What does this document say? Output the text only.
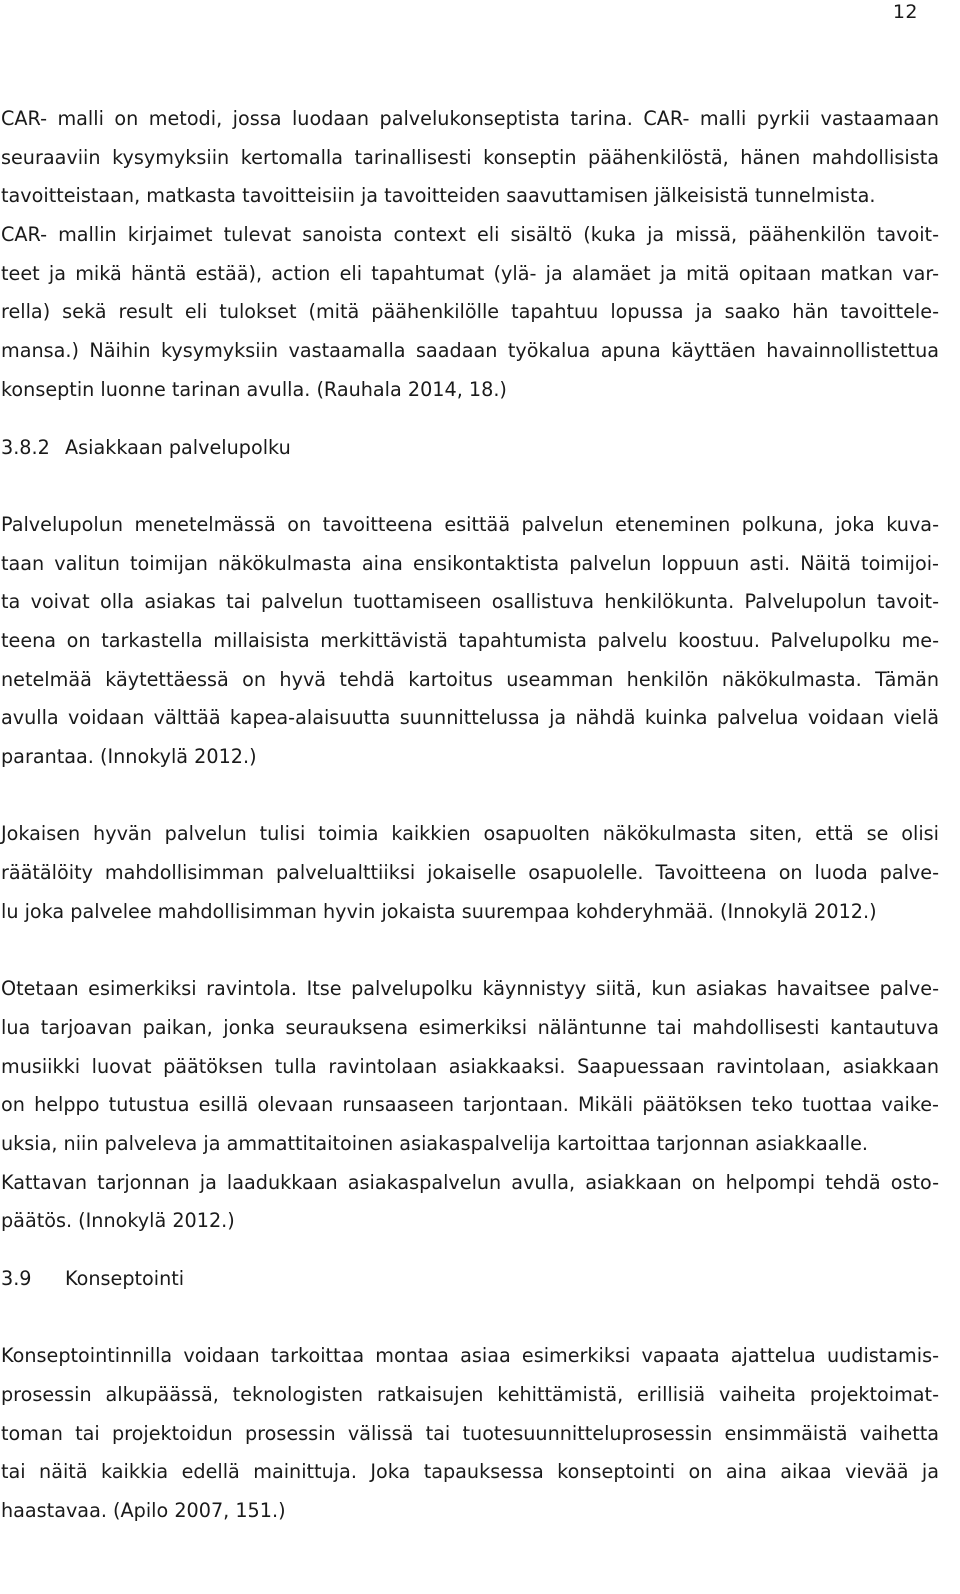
12
CAR- malli on metodi, jossa luodaan palvelukonseptista tarina. CAR- malli pyrkii vastaamaan
seuraaviin kysymyksiin kertomalla tarinallisesti konseptin päähenkilöstä, hänen mahdollisista
tavoitteistaan, matkasta tavoitteisiin ja tavoitteiden saavuttamisen jälkeisistä tunnelmista.
CAR- mallin kirjaimet tulevat sanoista context eli sisältö (kuka ja missä, päähenkilön tavoit-
teet ja mikä häntä estää), action eli tapahtumat (ylä- ja alamäet ja mitä opitaan matkan var-
rella) sekä result eli tulokset (mitä päähenkilölle tapahtuu lopussa ja saako hän tavoittele-
mansa.) Näihin kysymyksiin vastaamalla saadaan työkalua apuna käyttäen havainnollistettua
konseptin luonne tarinan avulla. (Rauhala 2014, 18.)
3.8.2 Asiakkaan palvelupolku
Palvelupolun menetelmässä on tavoitteena esittää palvelun eteneminen polkuna, joka kuva-
taan valitun toimijan näkökulmasta aina ensikontaktista palvelun loppuun asti. Näitä toimijoi-
ta voivat olla asiakas tai palvelun tuottamiseen osallistuva henkilökunta. Palvelupolun tavoit-
teena on tarkastella millaisista merkittävistä tapahtumista palvelu koostuu. Palvelupolku me-
netelmää käytettäessä on hyvä tehdä kartoitus useamman henkilön näkökulmasta. Tämän
avulla voidaan välttää kapea-alaisuutta suunnittelussa ja nähdä kuinka palvelua voidaan vielä
parantaa. (Innokylä 2012.)
Jokaisen hyvän palvelun tulisi toimia kaikkien osapuolten näkökulmasta siten, että se olisi
räätälöity mahdollisimman palvelualttiiksi jokaiselle osapuolelle. Tavoitteena on luoda palve-
lu joka palvelee mahdollisimman hyvin jokaista suurempaa kohderyhmää. (Innokylä 2012.)
Otetaan esimerkiksi ravintola. Itse palvelupolku käynnistyy siitä, kun asiakas havaitsee palve-
lua tarjoavan paikan, jonka seurauksena esimerkiksi näläntunne tai mahdollisesti kantautuva
musiikki luovat päätöksen tulla ravintolaan asiakkaaksi. Saapuessaan ravintolaan, asiakkaan
on helppo tutustua esillä olevaan runsaaseen tarjontaan. Mikäli päätöksen teko tuottaa vaike-
uksia, niin palveleva ja ammattitaitoinen asiakaspalvelija kartoittaa tarjonnan asiakkaalle.
Kattavan tarjonnan ja laadukkaan asiakaspalvelun avulla, asiakkaan on helpompi tehdä osto-
päätös. (Innokylä 2012.)
3.9 Konseptointi
Konseptointinnilla voidaan tarkoittaa montaa asiaa esimerkiksi vapaata ajattelua uudistamis-
prosessin alkupäässä, teknologisten ratkaisujen kehittämistä, erillisiä vaiheita projektoimat-
toman tai projektoidun prosessin välissä tai tuotesuunnitteluprosessin ensimmäistä vaihetta
tai näitä kaikkia edellä mainittuja. Joka tapauksessa konseptointi on aina aikaa vievää ja
haastavaa. (Apilo 2007, 151.)
